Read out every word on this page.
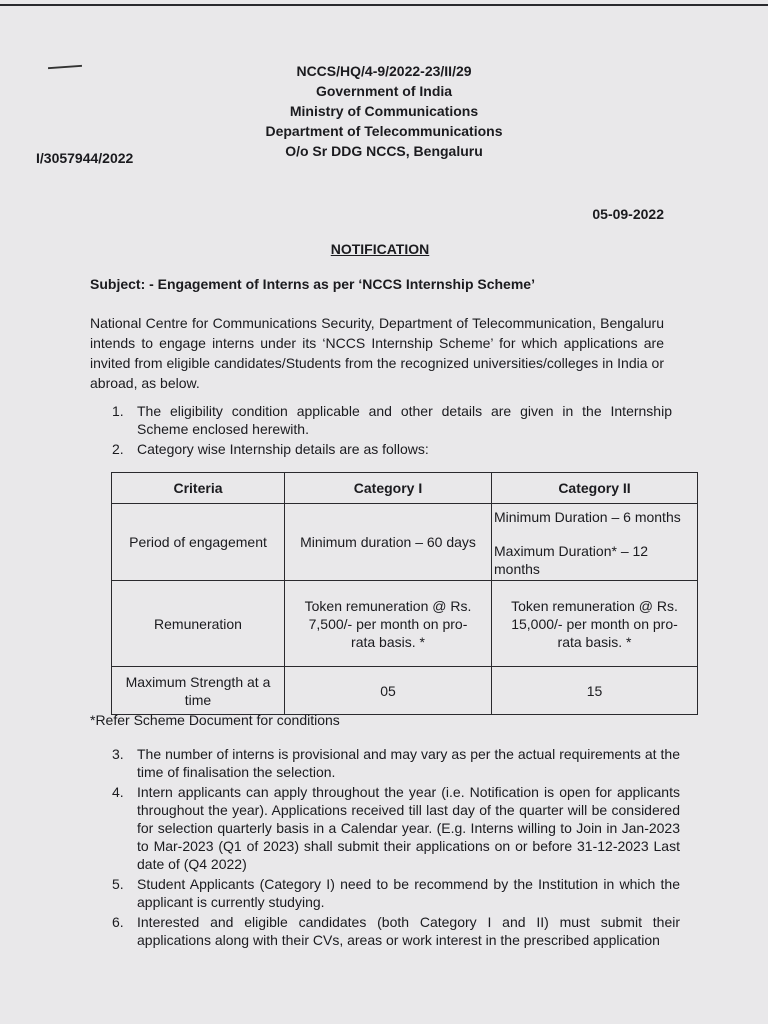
NCCS/HQ/4-9/2022-23/II/29
Government of India
Ministry of Communications
Department of Telecommunications
O/o Sr DDG NCCS, Bengaluru
I/3057944/2022
05-09-2022
NOTIFICATION
Subject: - Engagement of Interns as per ‘NCCS Internship Scheme’
National Centre for Communications Security, Department of Telecommunication, Bengaluru intends to engage interns under its ‘NCCS Internship Scheme’ for which applications are invited from eligible candidates/Students from the recognized universities/colleges in India or abroad, as below.
1. The eligibility condition applicable and other details are given in the Internship Scheme enclosed herewith.
2. Category wise Internship details are as follows:
Criteria	Category I	Category II
Period of engagement	Minimum duration – 60 days	Minimum Duration – 6 months
Maximum Duration* – 12 months

Remuneration	Token remuneration @ Rs. 7,500/- per month on pro-rata basis. *	Token remuneration @ Rs. 15,000/- per month on pro-rata basis. *
Maximum Strength at a time	05	15
*Refer Scheme Document for conditions
3. The number of interns is provisional and may vary as per the actual requirements at the time of finalisation the selection.
4. Intern applicants can apply throughout the year (i.e. Notification is open for applicants throughout the year). Applications received till last day of the quarter will be considered for selection quarterly basis in a Calendar year. (E.g. Interns willing to Join in Jan-2023 to Mar-2023 (Q1 of 2023) shall submit their applications on or before 31-12-2023 Last date of (Q4 2022)
5. Student Applicants (Category I) need to be recommend by the Institution in which the applicant is currently studying.
6. Interested and eligible candidates (both Category I and II) must submit their applications along with their CVs, areas or work interest in the prescribed application
